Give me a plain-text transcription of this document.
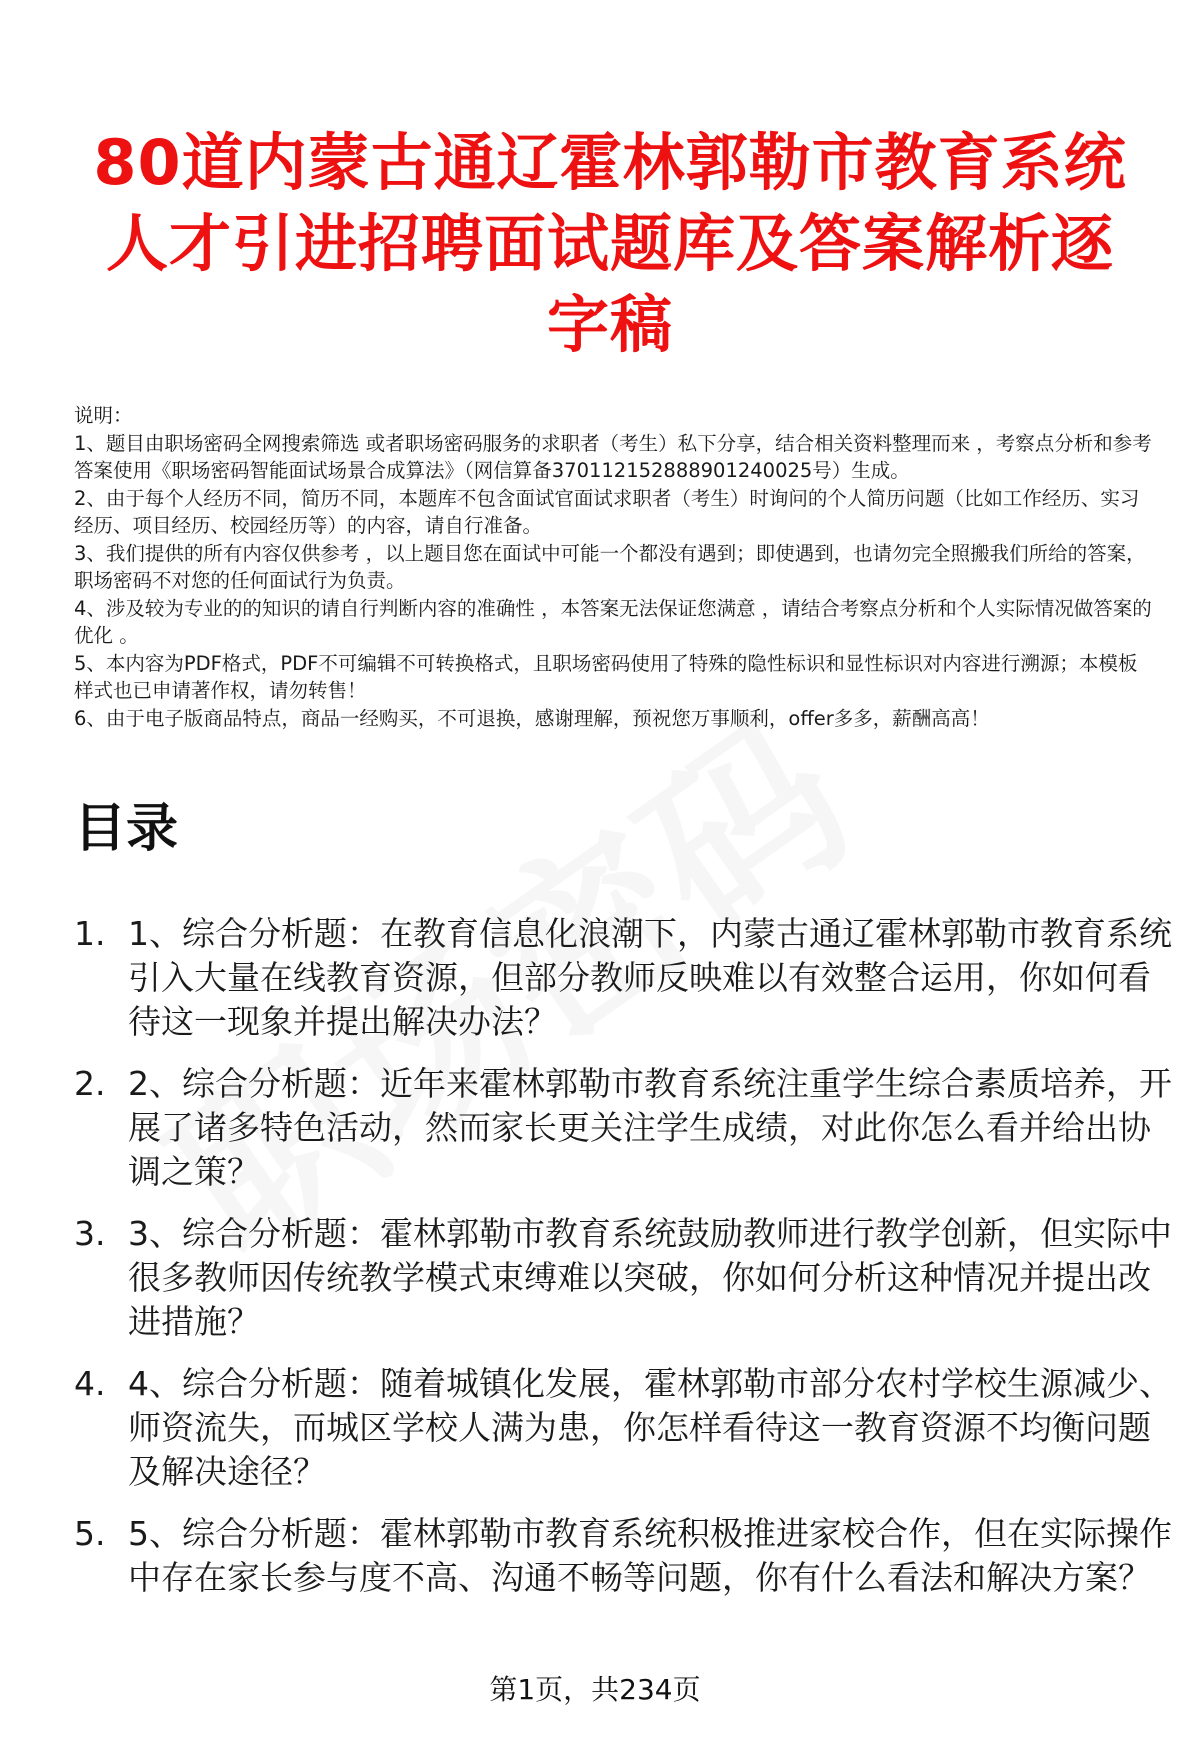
80道内蒙古通辽霍林郭勒市教育系统人才引进招聘面试题库及答案解析逐字稿

说明：

1、题目由职场密码全网搜索筛选 或者职场密码服务的求职者（考生）私下分享，结合相关资料整理而来 ，考察点分析和参考答案使用《职场密码智能面试场景合成算法》（网信算备370112152888901240025号）生成。

2、由于每个人经历不同，简历不同，本题库不包含面试官面试求职者（考生）时询问的个人简历问题（比如工作经历、实习经历、项目经历、校园经历等）的内容，请自行准备。

3、我们提供的所有内容仅供参考 ，以上题目您在面试中可能一个都没有遇到；即使遇到，也请勿完全照搬我们所给的答案，职场密码不对您的任何面试行为负责。

4、涉及较为专业的的知识的请自行判断内容的准确性 ，本答案无法保证您满意 ，请结合考察点分析和个人实际情况做答案的优化 。

5、本内容为PDF格式，PDF不可编辑不可转换格式，且职场密码使用了特殊的隐性标识和显性标识对内容进行溯源；本模板样式也已申请著作权，请勿转售！

6、由于电子版商品特点，商品一经购买，不可退换，感谢理解，预祝您万事顺利，offer多多，薪酬高高！

目录
1. 1、综合分析题：在教育信息化浪潮下，内蒙古通辽霍林郭勒市教育系统引入大量在线教育资源，但部分教师反映难以有效整合运用，你如何看待这一现象并提出解决办法？
2. 2、综合分析题：近年来霍林郭勒市教育系统注重学生综合素质培养，开展了诸多特色活动，然而家长更关注学生成绩，对此你怎么看并给出协调之策？
3. 3、综合分析题：霍林郭勒市教育系统鼓励教师进行教学创新，但实际中很多教师因传统教学模式束缚难以突破，你如何分析这种情况并提出改进措施？
4. 4、综合分析题：随着城镇化发展，霍林郭勒市部分农村学校生源减少、师资流失，而城区学校人满为患，你怎样看待这一教育资源不均衡问题及解决途径？
5. 5、综合分析题：霍林郭勒市教育系统积极推进家校合作，但在实际操作中存在家长参与度不高、沟通不畅等问题，你有什么看法和解决方案？
第1页，共234页
